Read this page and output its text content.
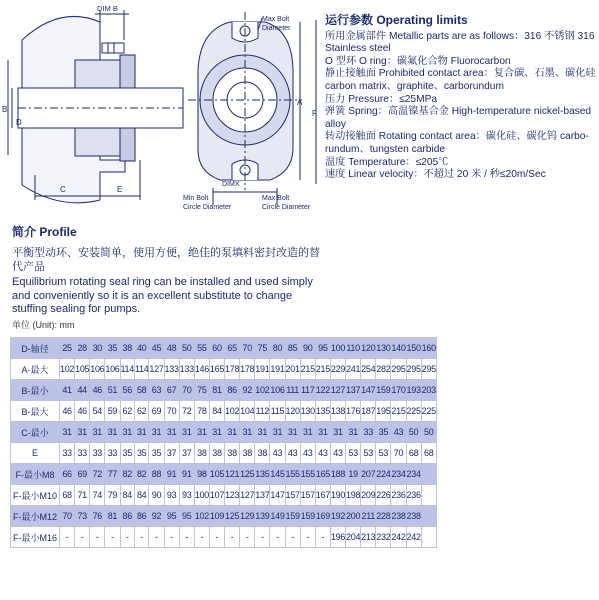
DIM B
B
D
C	E
Max Bolt
Diameter
A
F
DIMX
Min Bolt
Circle Diameter
Max Bolt
Circle Diameter
运行参数 Operating limits
所用金属部件 Metallic parts are as follows：316 不锈钢 316
Stainless steel
O 型环 O ring：碳氟化合物 Fluorocarbon
静止接触面 Prohibited contact area：复合碳、石墨、碳化硅
carbon matrix、graphite、carborundum
压力 Pressure：≤25MPa
弹簧 Spring：高温镍基合金 High-temperature nickel-based
alloy
转动接触面 Rotating contact area：碳化硅、碳化钨 carbo-
rundum、tungsten carbide
温度 Temperature：≤205℃
速度 Linear velocity：不超过 20 米 / 秒≤20m/Sec
简介 Profile
平衡型动环、安装简单，使用方便，绝佳的泵填料密封改造的替代产品
Equilibrium rotating seal ring can be installed and used simply and conveniently so it is an excellent substitute to change stuffing sealing for pumps.
单位 (Unit): mm
D-轴径	25	28	30	35	38	40	45	48	50	55	60	65	70	75	80	85	90	95	100	110	120	130	140	150	160
A-最大	102	105	106	106	114	114	127	133	133	146	165	178	178	191	191	201	215	215	229	241	254	282	295	295	295
B-最小	41	44	46	51	56	58	63	67	70	75	81	86	92	102	106	111	117	122	127	137	147	159	170	193	203
B-最大	46	46	54	59	62	62	69	70	72	78	84	102	104	112	115	120	130	135	138	176	187	195	215	225	225
C-最小	31	31	31	31	31	31	31	31	31	31	31	31	31	31	31	31	31	31	31	31	33	35	43	50	50
E	33	33	33	33	35	35	35	37	37	38	38	38	38	38	43	43	43	43	43	53	53	53	70	68	68
F-最小M8	66	69	72	77	82	82	88	91	91	98	105	121	125	135	145	155	155	165	188	19	207	224	234	234	
F-最小M10	68	71	74	79	84	84	90	93	93	100	107	123	127	137	147	157	157	167	190	198	209	226	236	236	
F-最小M12	70	73	76	81	86	86	92	95	95	102	109	125	129	139	149	159	159	169	192	200	211	228	238	238	
F-最小M16	-	-	-	-	-	-	-	-	-	-	-	-	-	-	-	-	-	-	196	204	213	232	242	242	
